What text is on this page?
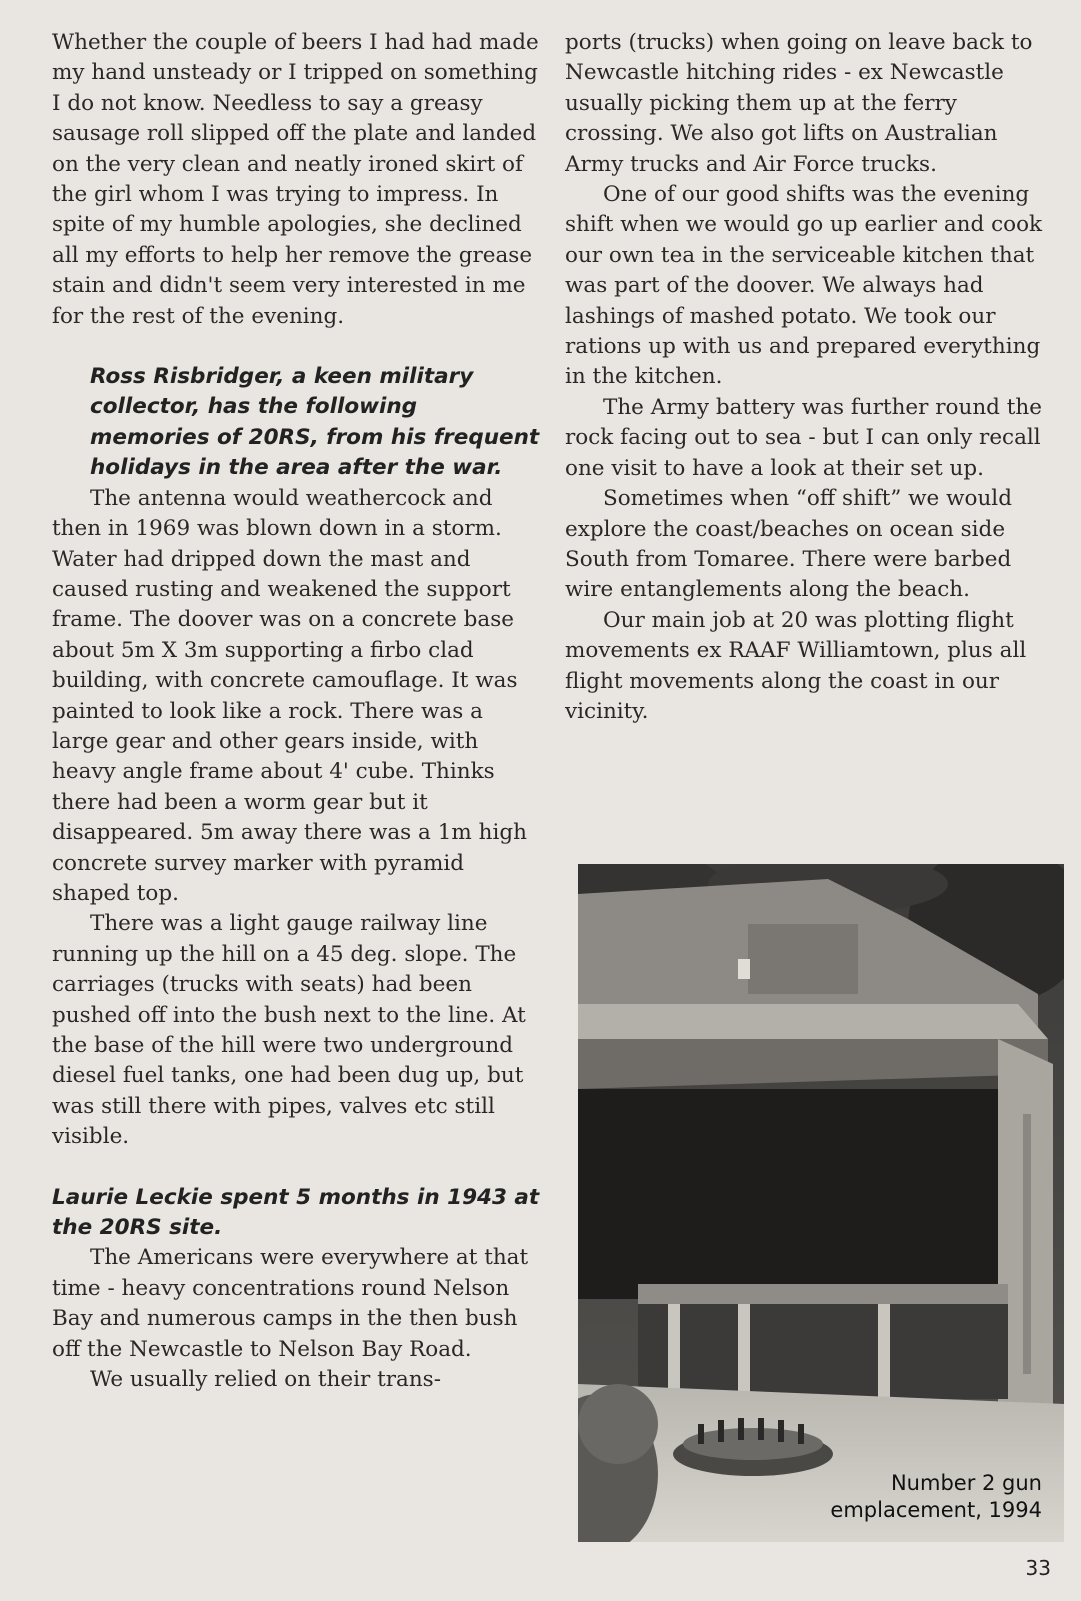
Whether the couple of beers I had had made my hand unsteady or I tripped on something I do not know. Needless to say a greasy sausage roll slipped off the plate and landed on the very clean and neatly ironed skirt of the girl whom I was trying to impress. In spite of my humble apologies, she declined all my efforts to help her remove the grease stain and didn't seem very interested in me for the rest of the evening.

Ross Risbridger, a keen military collector, has the following memories of 20RS, from his frequent holidays in the area after the war.

The antenna would weathercock and then in 1969 was blown down in a storm. Water had dripped down the mast and caused rusting and weakened the support frame. The doover was on a concrete base about 5m X 3m supporting a firbo clad building, with concrete camouflage. It was painted to look like a rock. There was a large gear and other gears inside, with heavy angle frame about 4' cube. Thinks there had been a worm gear but it disappeared. 5m away there was a 1m high concrete survey marker with pyramid shaped top.

There was a light gauge railway line running up the hill on a 45 deg. slope. The carriages (trucks with seats) had been pushed off into the bush next to the line. At the base of the hill were two underground diesel fuel tanks, one had been dug up, but was still there with pipes, valves etc still visible.

Laurie Leckie spent 5 months in 1943 at the 20RS site.

The Americans were everywhere at that time - heavy concentrations round Nelson Bay and numerous camps in the then bush off the Newcastle to Nelson Bay Road.

We usually relied on their trans-

ports (trucks) when going on leave back to Newcastle hitching rides - ex Newcastle usually picking them up at the ferry crossing. We also got lifts on Australian Army trucks and Air Force trucks.

One of our good shifts was the evening shift when we would go up earlier and cook our own tea in the serviceable kitchen that was part of the doover. We always had lashings of mashed potato. We took our rations up with us and prepared everything in the kitchen.

The Army battery was further round the rock facing out to sea - but I can only recall one visit to have a look at their set up.

Sometimes when “off shift” we would explore the coast/beaches on ocean side South from Tomaree. There were barbed wire entanglements along the beach.

Our main job at 20 was plotting flight movements ex RAAF Williamtown, plus all flight movements along the coast in our vicinity.

Number 2 gun
emplacement, 1994
33
